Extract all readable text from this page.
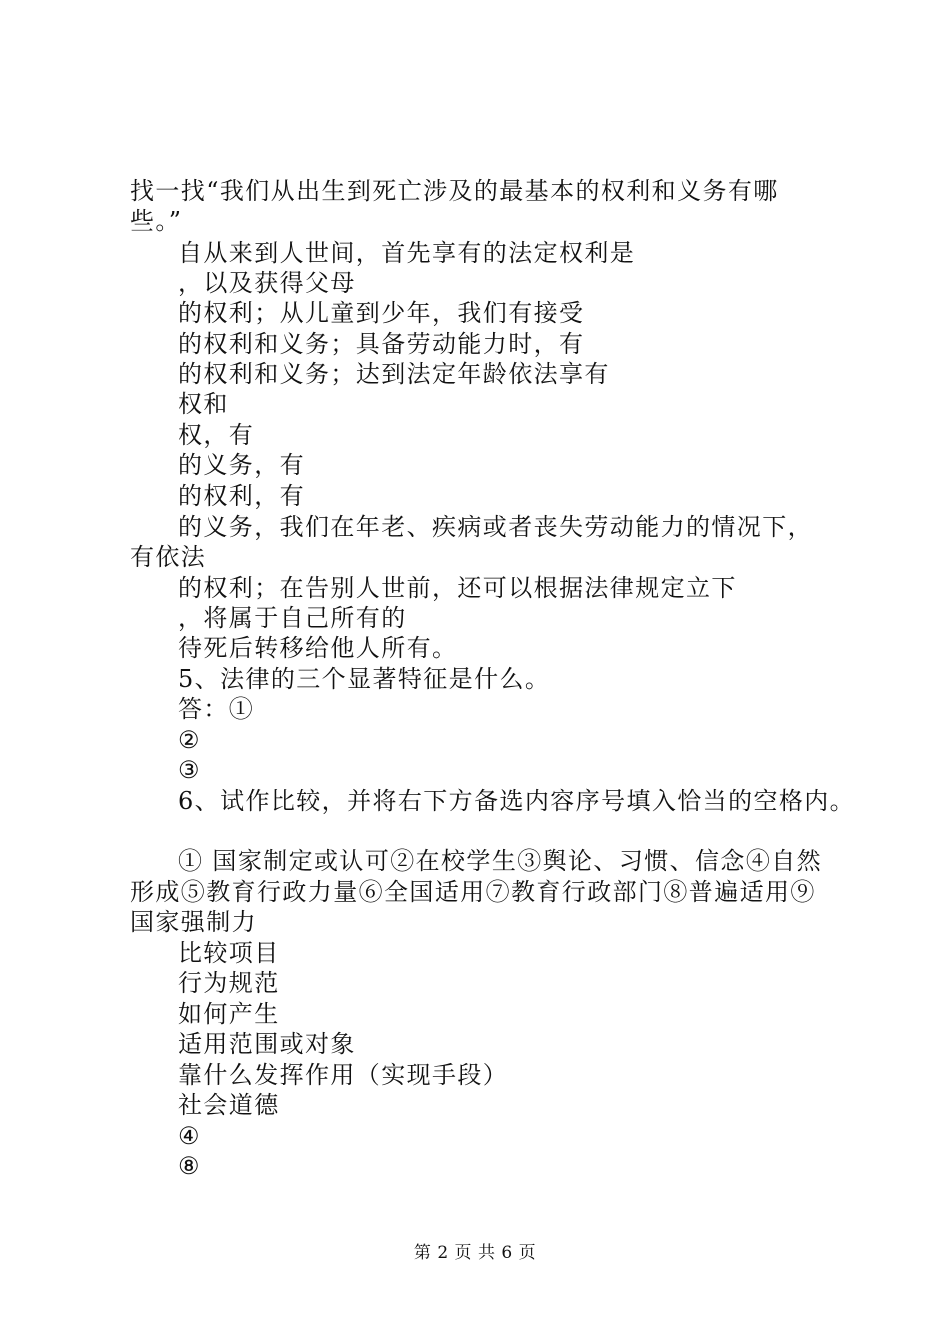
找一找“我们从出生到死亡涉及的最基本的权利和义务有哪
些。”
自从来到人世间，首先享有的法定权利是
，以及获得父母
的权利；从儿童到少年，我们有接受
的权利和义务；具备劳动能力时，有
的权利和义务；达到法定年龄依法享有
权和
权，有
的义务，有
的权利，有
的义务，我们在年老、疾病或者丧失劳动能力的情况下，
有依法
的权利；在告别人世前，还可以根据法律规定立下
，将属于自己所有的
待死后转移给他人所有。
5、法律的三个显著特征是什么。
答：①
②
③
6、试作比较，并将右下方备选内容序号填入恰当的空格内。
① 国家制定或认可②在校学生③舆论、习惯、信念④自然
形成⑤教育行政力量⑥全国适用⑦教育行政部门⑧普遍适用⑨
国家强制力
比较项目
行为规范
如何产生
适用范围或对象
靠什么发挥作用（实现手段）
社会道德
④
⑧
第 2 页 共 6 页
